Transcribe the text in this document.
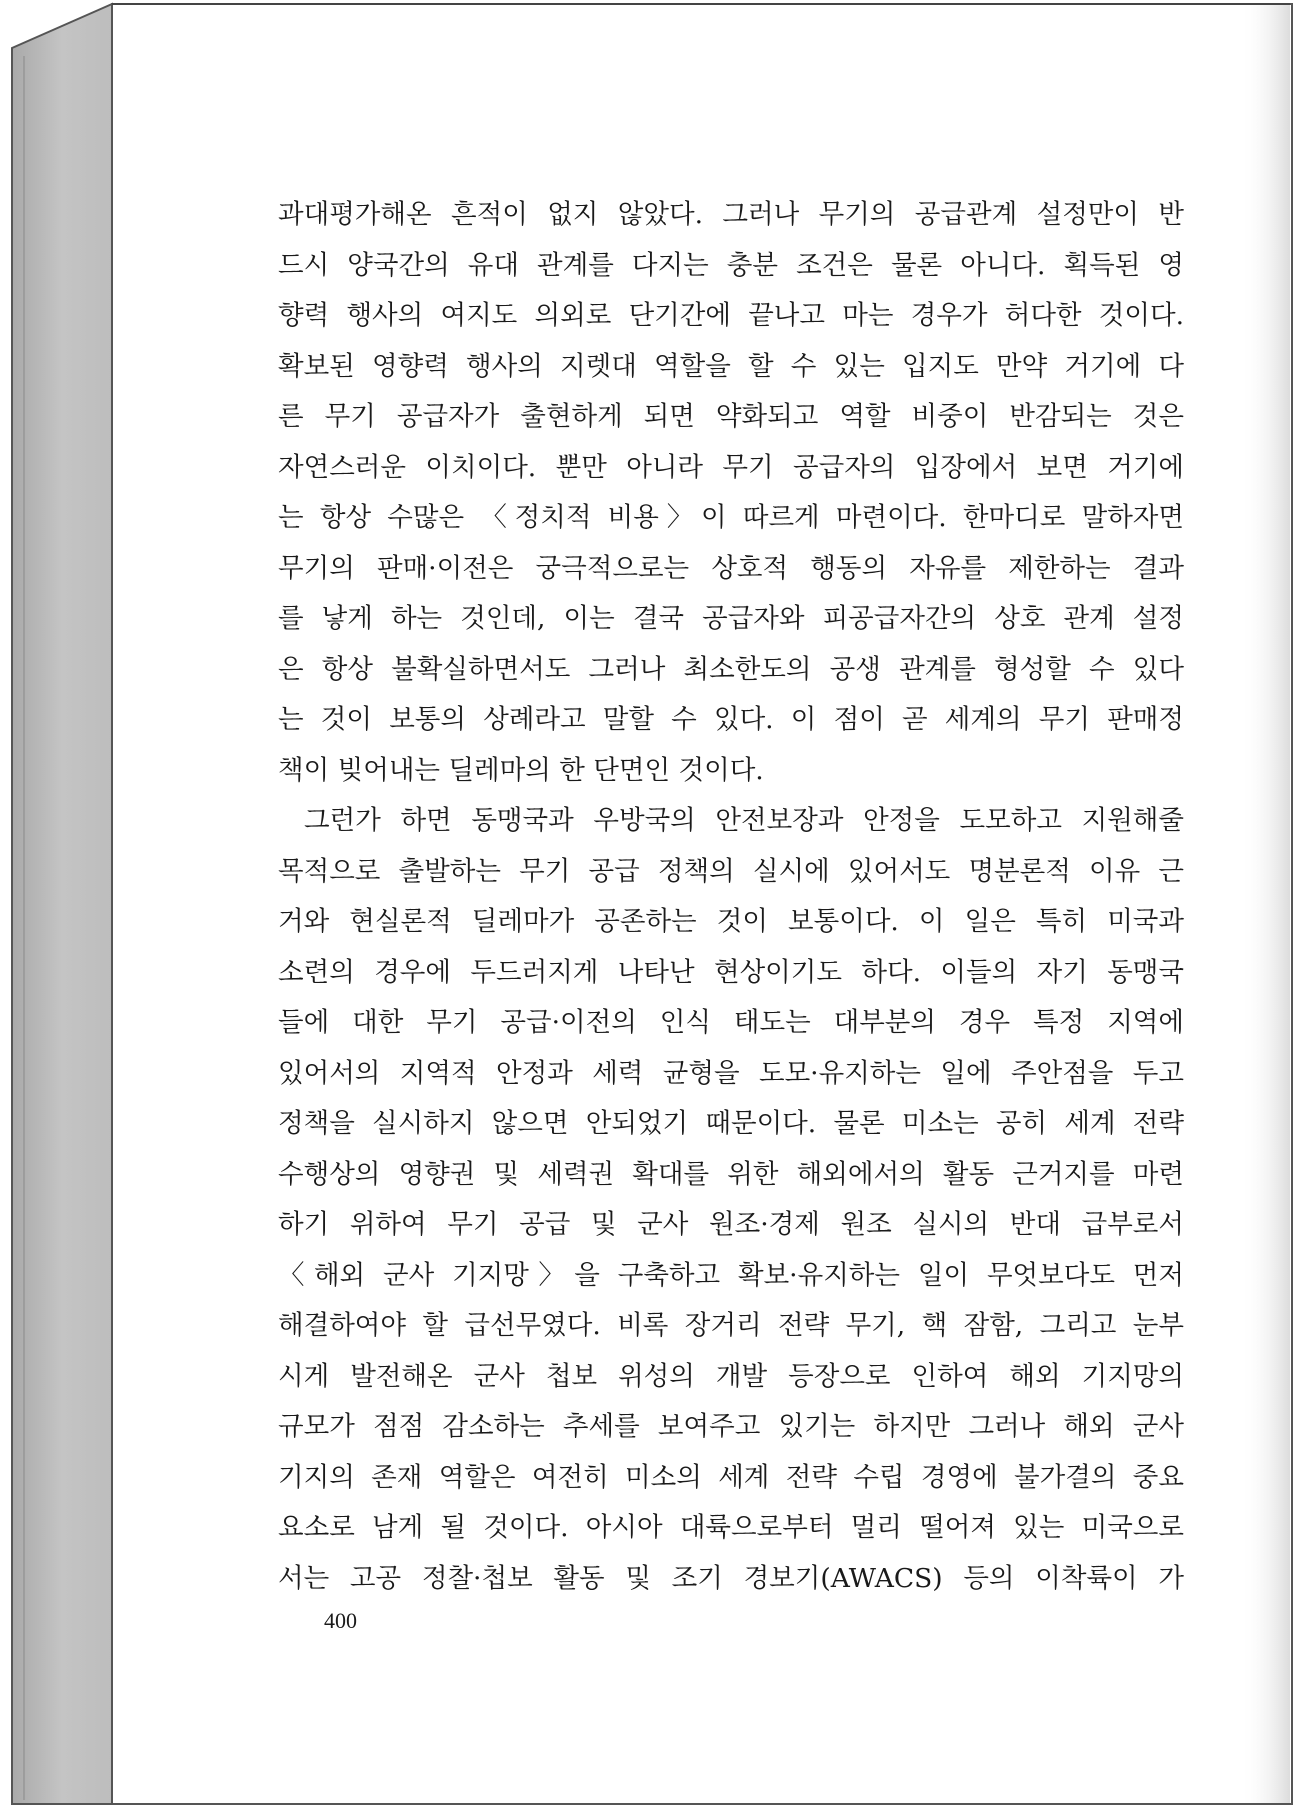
과대평가해온 흔적이 없지 않았다. 그러나 무기의 공급관계 설정만이 반
드시 양국간의 유대 관계를 다지는 충분 조건은 물론 아니다. 획득된 영
향력 행사의 여지도 의외로 단기간에 끝나고 마는 경우가 허다한 것이다.
확보된 영향력 행사의 지렛대 역할을 할 수 있는 입지도 만약 거기에 다
른 무기 공급자가 출현하게 되면 약화되고 역할 비중이 반감되는 것은
자연스러운 이치이다. 뿐만 아니라 무기 공급자의 입장에서 보면 거기에
는 항상 수많은 〈정치적 비용〉이 따르게 마련이다. 한마디로 말하자면
무기의 판매·이전은 궁극적으로는 상호적 행동의 자유를 제한하는 결과
를 낳게 하는 것인데, 이는 결국 공급자와 피공급자간의 상호 관계 설정
은 항상 불확실하면서도 그러나 최소한도의 공생 관계를 형성할 수 있다
는 것이 보통의 상례라고 말할 수 있다. 이 점이 곧 세계의 무기 판매정
책이 빚어내는 딜레마의 한 단면인 것이다.
그런가 하면 동맹국과 우방국의 안전보장과 안정을 도모하고 지원해줄
목적으로 출발하는 무기 공급 정책의 실시에 있어서도 명분론적 이유 근
거와 현실론적 딜레마가 공존하는 것이 보통이다. 이 일은 특히 미국과
소련의 경우에 두드러지게 나타난 현상이기도 하다. 이들의 자기 동맹국
들에 대한 무기 공급·이전의 인식 태도는 대부분의 경우 특정 지역에
있어서의 지역적 안정과 세력 균형을 도모·유지하는 일에 주안점을 두고
정책을 실시하지 않으면 안되었기 때문이다. 물론 미소는 공히 세계 전략
수행상의 영향권 및 세력권 확대를 위한 해외에서의 활동 근거지를 마련
하기 위하여 무기 공급 및 군사 원조·경제 원조 실시의 반대 급부로서
〈해외 군사 기지망〉을 구축하고 확보·유지하는 일이 무엇보다도 먼저
해결하여야 할 급선무였다. 비록 장거리 전략 무기, 핵 잠함, 그리고 눈부
시게 발전해온 군사 첩보 위성의 개발 등장으로 인하여 해외 기지망의
규모가 점점 감소하는 추세를 보여주고 있기는 하지만 그러나 해외 군사
기지의 존재 역할은 여전히 미소의 세계 전략 수립 경영에 불가결의 중요
요소로 남게 될 것이다. 아시아 대륙으로부터 멀리 떨어져 있는 미국으로
서는 고공 정찰·첩보 활동 및 조기 경보기(AWACS) 등의 이착륙이 가
400
